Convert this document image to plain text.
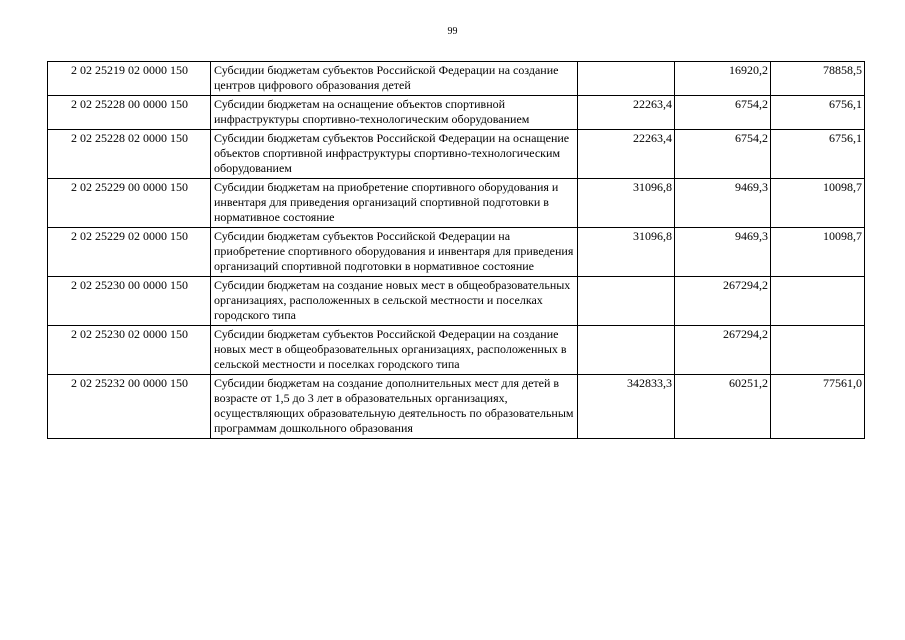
99
2 02 25219 02 0000 150	Субсидии бюджетам субъектов Российской Федерации на создание центров цифрового образования детей		16920,2	78858,5
2 02 25228 00 0000 150	Субсидии бюджетам на оснащение объектов спортивной инфраструктуры спортивно-технологическим оборудованием	22263,4	6754,2	6756,1
2 02 25228 02 0000 150	Субсидии бюджетам субъектов Российской Федерации на оснащение объектов спортивной инфраструктуры спортивно-технологическим оборудованием	22263,4	6754,2	6756,1
2 02 25229 00 0000 150	Субсидии бюджетам на приобретение спортивного оборудования и инвентаря для приведения организаций спортивной подготовки в нормативное состояние	31096,8	9469,3	10098,7
2 02 25229 02 0000 150	Субсидии бюджетам субъектов Российской Федерации на приобретение спортивного оборудования и инвентаря для приведения организаций спортивной подготовки в нормативное состояние	31096,8	9469,3	10098,7
2 02 25230 00 0000 150	Субсидии бюджетам на создание новых мест в общеобразовательных организациях, расположенных в сельской местности и поселках городского типа		267294,2	
2 02 25230 02 0000 150	Субсидии бюджетам субъектов Российской Федерации на создание новых мест в общеобразовательных организациях, расположенных в сельской местности и поселках городского типа		267294,2	
2 02 25232 00 0000 150	Субсидии бюджетам на создание дополнительных мест для детей в возрасте от 1,5 до 3 лет в образовательных организациях, осуществляющих образовательную деятельность по образовательным программам дошкольного образования	342833,3	60251,2	77561,0
